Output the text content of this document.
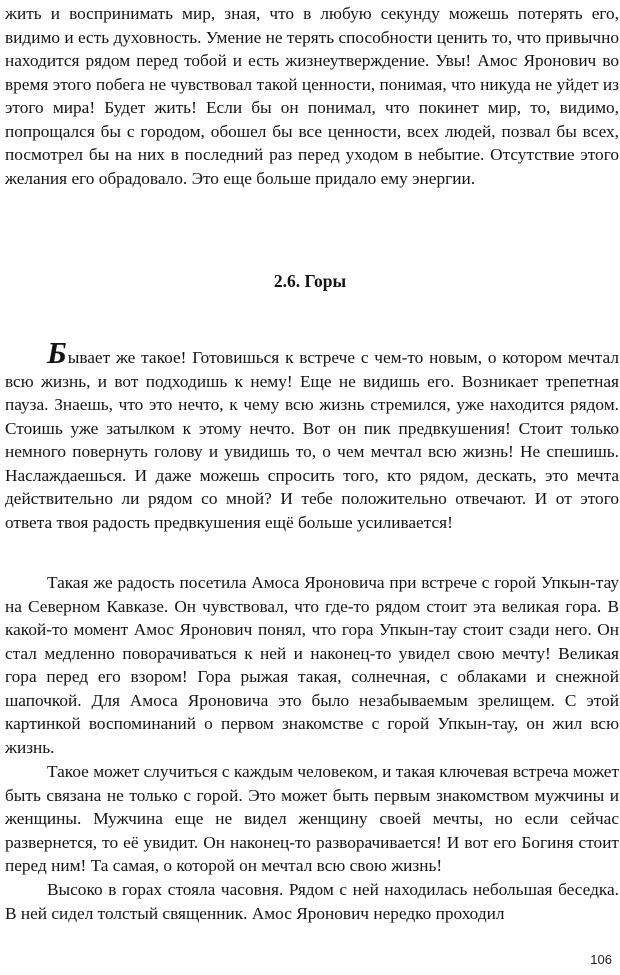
жить и воспринимать мир, зная, что в любую секунду можешь потерять его, видимо и есть духовность. Умение не терять способности ценить то, что привычно находится рядом перед тобой и есть жизнеутверждение. Увы! Амос Яронович во время этого побега не чувствовал такой ценности, понимая, что никуда не уйдет из этого мира! Будет жить! Если бы он понимал, что покинет мир, то, видимо, попрощался бы с городом, обошел бы все ценности, всех людей, позвал бы всех, посмотрел бы на них в последний раз перед уходом в небытие. Отсутствие этого желания его обрадовало. Это еще больше придало ему энергии.

2.6. Горы

Бывает же такое! Готовишься к встрече с чем-то новым, о котором мечтал всю жизнь, и вот подходишь к нему! Еще не видишь его. Возникает трепетная пауза. Знаешь, что это нечто, к чему всю жизнь стремился, уже находится рядом. Стоишь уже затылком к этому нечто. Вот он пик предвкушения! Стоит только немного повернуть голову и увидишь то, о чем мечтал всю жизнь! Не спешишь. Наслаждаешься. И даже можешь спросить того, кто рядом, дескать, это мечта действительно ли рядом со мной? И тебе положительно отвечают. И от этого ответа твоя радость предвкушения ещё больше усиливается!

Такая же радость посетила Амоса Яроновича при встрече с горой Упкын-тау на Северном Кавказе. Он чувствовал, что где-то рядом стоит эта великая гора. В какой-то момент Амос Яронович понял, что гора Упкын-тау стоит сзади него. Он стал медленно поворачиваться к ней и наконец-то увидел свою мечту! Великая гора перед его взором! Гора рыжая такая, солнечная, с облаками и снежной шапочкой. Для Амоса Яроновича это было незабываемым зрелищем. С этой картинкой воспоминаний о первом знакомстве с горой Упкын-тау, он жил всю жизнь.

Такое может случиться с каждым человеком, и такая ключевая встреча может быть связана не только с горой. Это может быть первым знакомством мужчины и женщины. Мужчина еще не видел женщину своей мечты, но если сейчас развернется, то её увидит. Он наконец-то разворачивается! И вот его Богиня стоит перед ним! Та самая, о которой он мечтал всю свою жизнь!

Высоко в горах стояла часовня. Рядом с ней находилась небольшая беседка. В ней сидел толстый священник. Амос Яронович нередко проходил

106
